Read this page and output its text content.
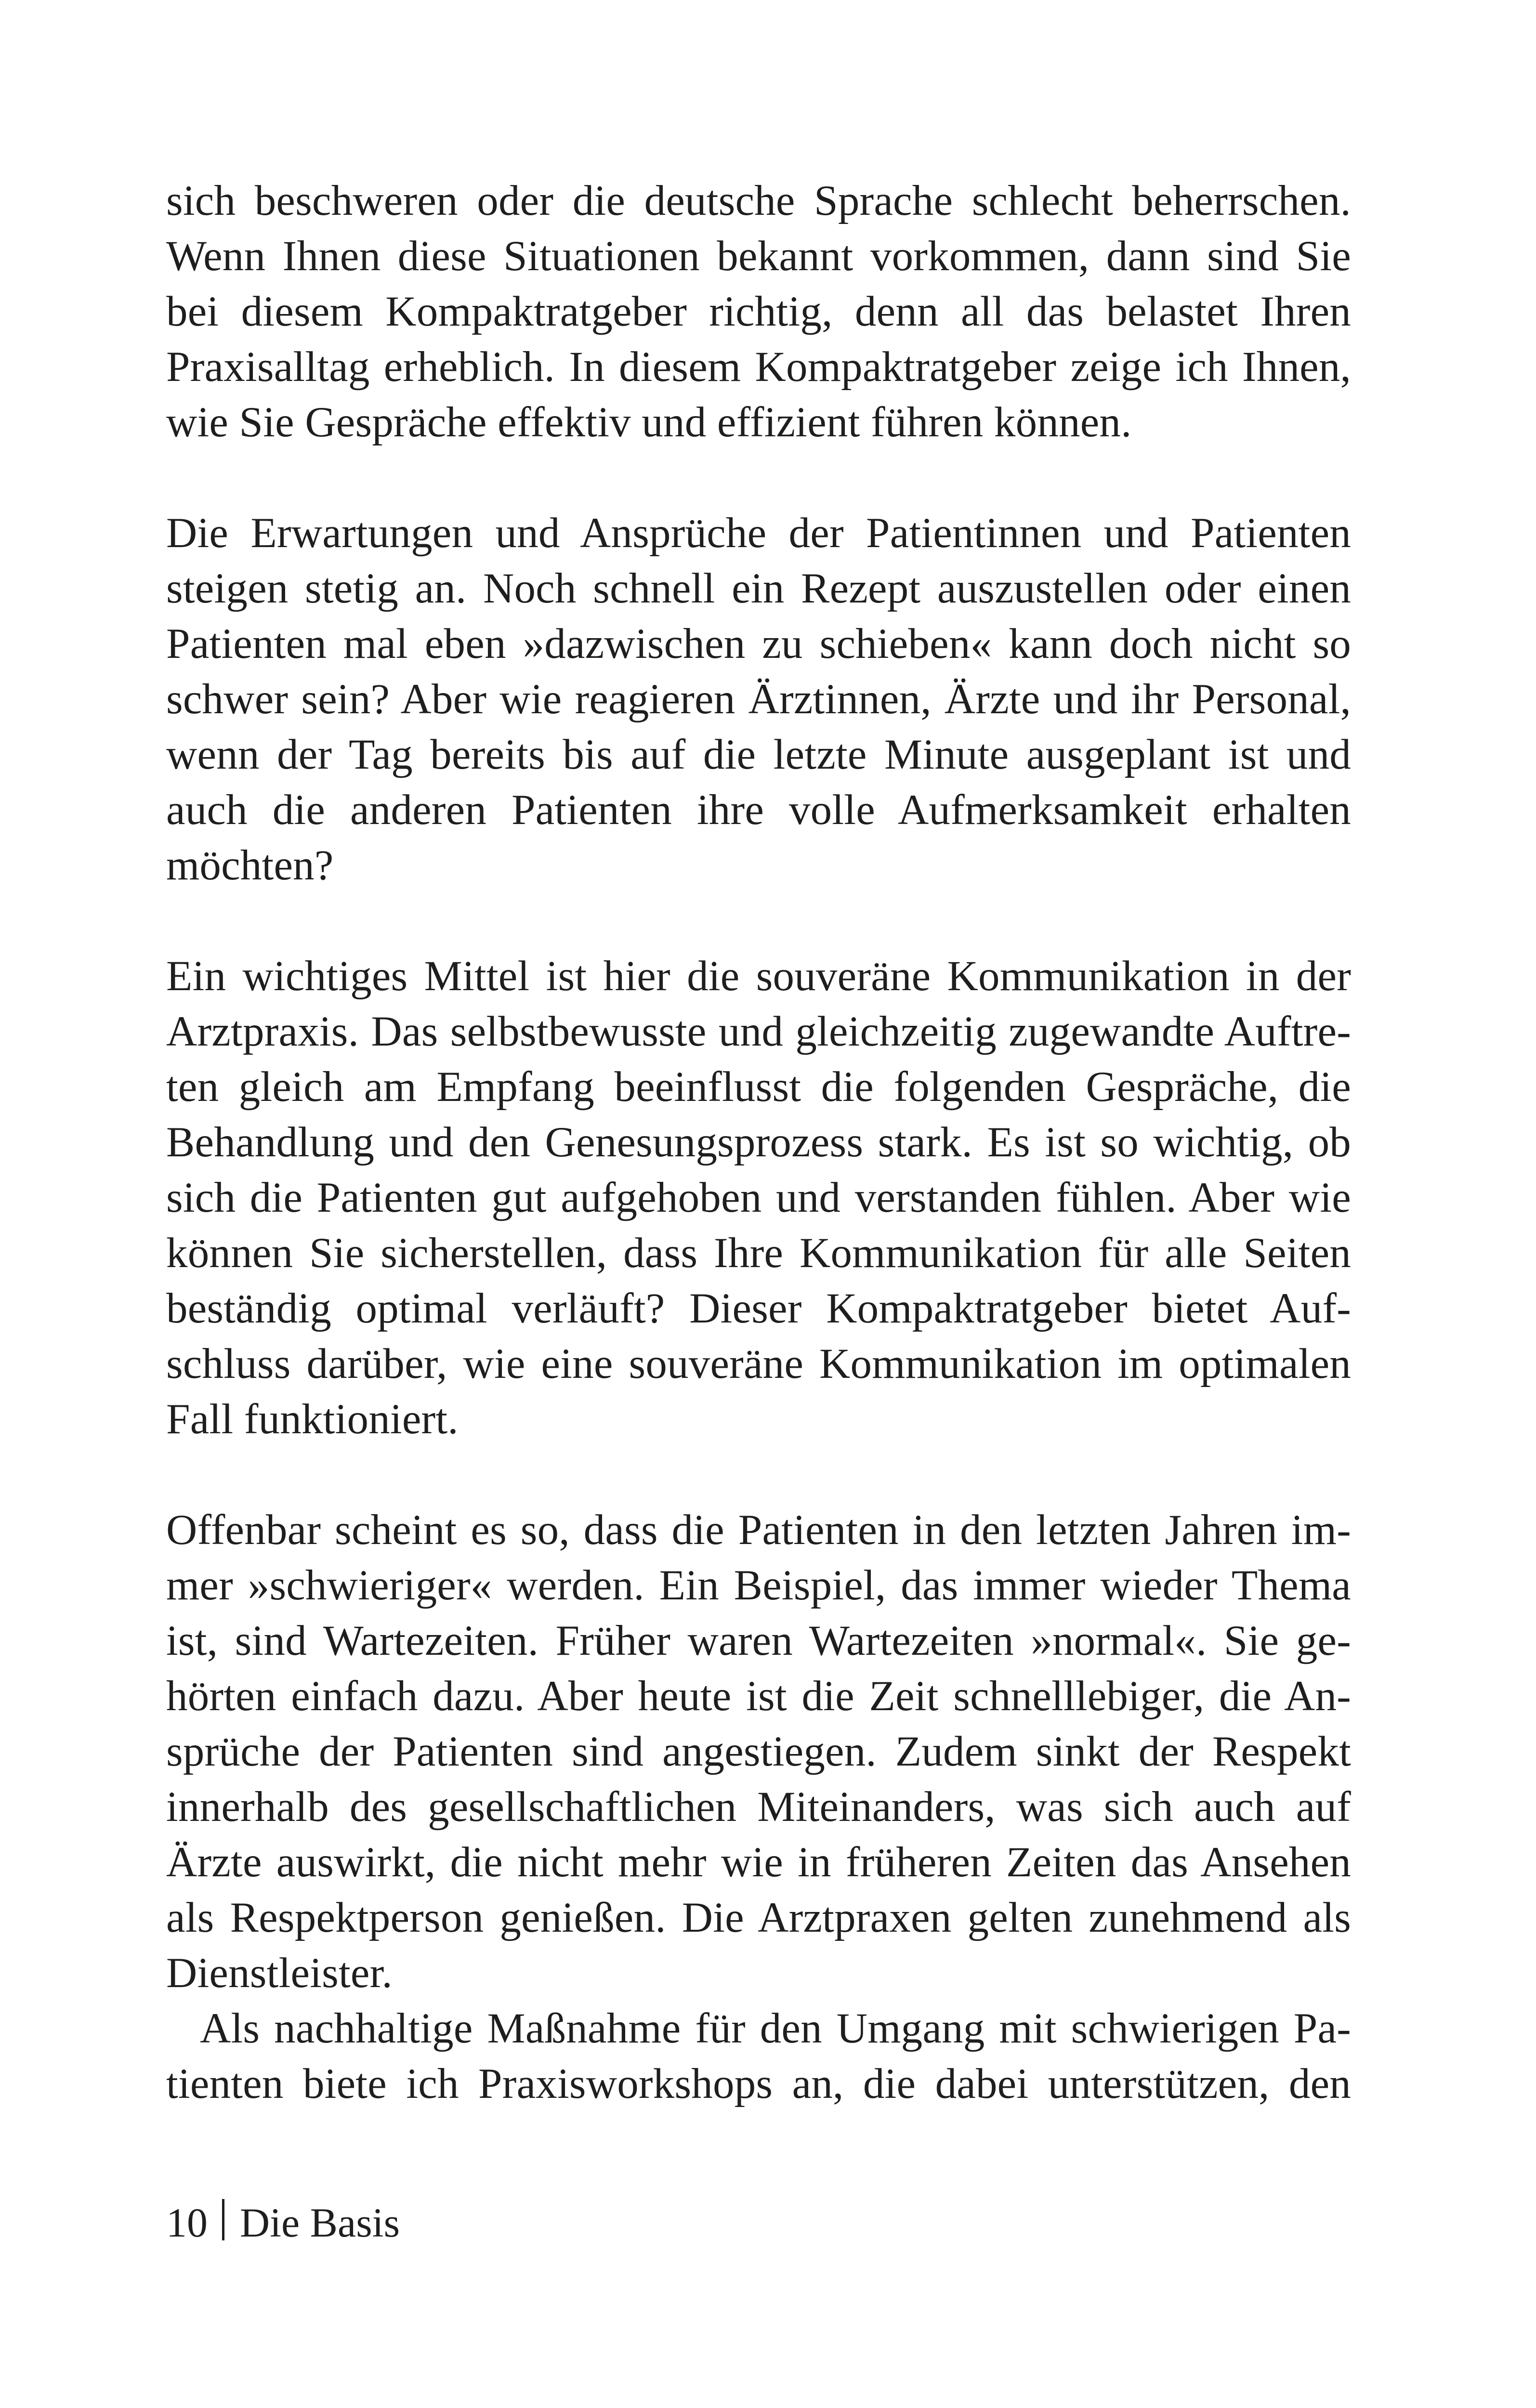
sich beschweren oder die deutsche Sprache schlecht beherrschen.
Wenn Ihnen diese Situationen bekannt vorkommen, dann sind Sie
bei diesem Kompaktratgeber richtig, denn all das belastet Ihren
Praxisalltag erheblich. In diesem Kompaktratgeber zeige ich Ihnen,
wie Sie Gespräche effektiv und effizient führen können.
Die Erwartungen und Ansprüche der Patientinnen und Patienten
steigen stetig an. Noch schnell ein Rezept auszustellen oder einen
Patienten mal eben »dazwischen zu schieben« kann doch nicht so
schwer sein? Aber wie reagieren Ärztinnen, Ärzte und ihr Personal,
wenn der Tag bereits bis auf die letzte Minute ausgeplant ist und
auch die anderen Patienten ihre volle Aufmerksamkeit erhalten
möchten?
Ein wichtiges Mittel ist hier die souveräne Kommunikation in der
Arztpraxis. Das selbstbewusste und gleichzeitig zugewandte Auftre-
ten gleich am Empfang beeinflusst die folgenden Gespräche, die
Behandlung und den Genesungsprozess stark. Es ist so wichtig, ob
sich die Patienten gut aufgehoben und verstanden fühlen. Aber wie
können Sie sicherstellen, dass Ihre Kommunikation für alle Seiten
beständig optimal verläuft? Dieser Kompaktratgeber bietet Auf-
schluss darüber, wie eine souveräne Kommunikation im optimalen
Fall funktioniert.
Offenbar scheint es so, dass die Patienten in den letzten Jahren im-
mer »schwieriger« werden. Ein Beispiel, das immer wieder Thema
ist, sind Wartezeiten. Früher waren Wartezeiten »normal«. Sie ge-
hörten einfach dazu. Aber heute ist die Zeit schnelllebiger, die An-
sprüche der Patienten sind angestiegen. Zudem sinkt der Respekt
innerhalb des gesellschaftlichen Miteinanders, was sich auch auf
Ärzte auswirkt, die nicht mehr wie in früheren Zeiten das Ansehen
als Respektperson genießen. Die Arztpraxen gelten zunehmend als
Dienstleister.
Als nachhaltige Maßnahme für den Umgang mit schwierigen Pa-
tienten biete ich Praxisworkshops an, die dabei unterstützen, den
10 Die Basis
